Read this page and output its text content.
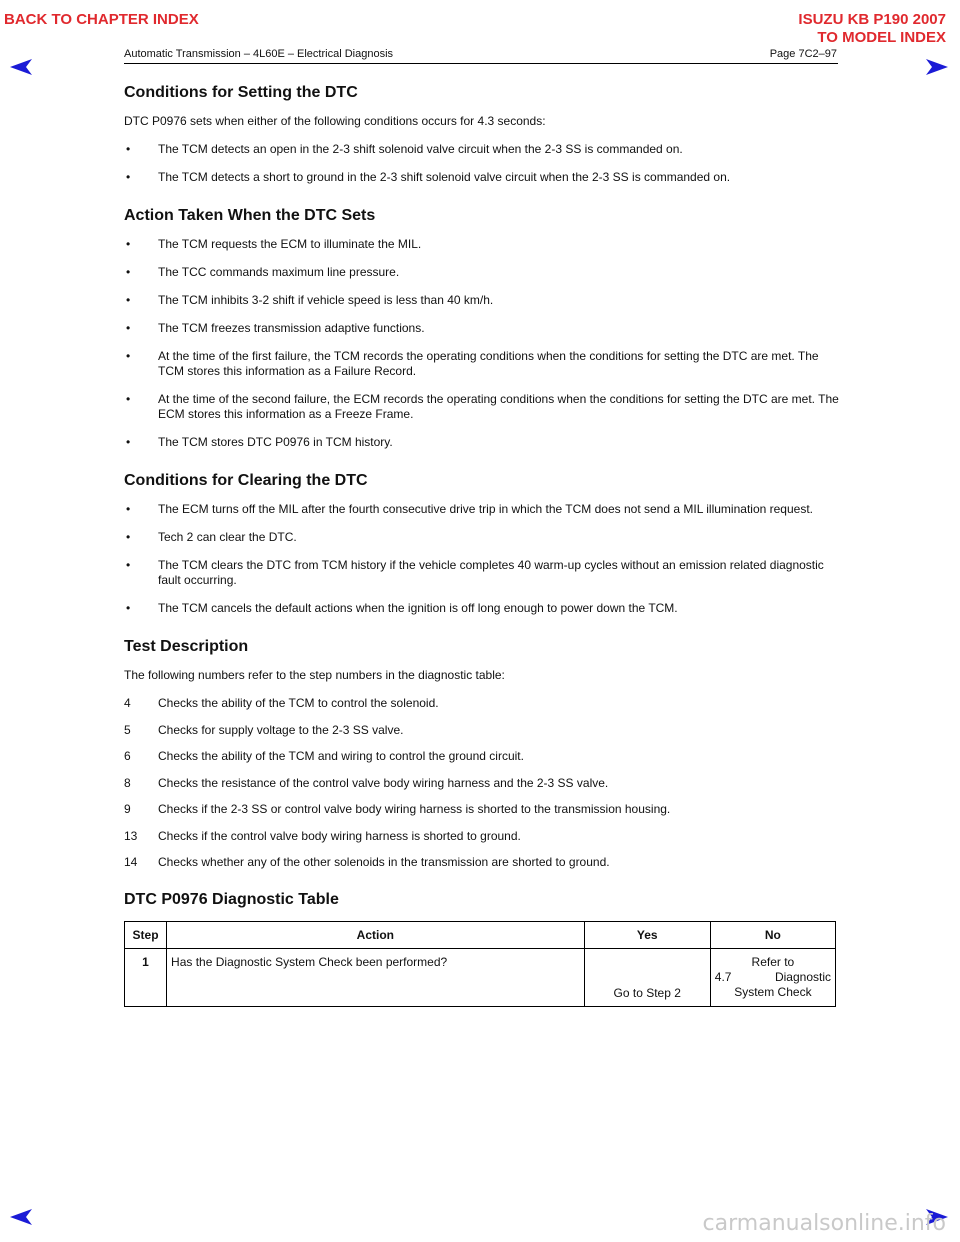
BACK TO CHAPTER INDEX	ISUZU KB P190 2007
TO MODEL INDEX
Automatic Transmission – 4L60E – Electrical Diagnosis	Page 7C2–97
Conditions for Setting the DTC

DTC P0976 sets when either of the following conditions occurs for 4.3 seconds:

• The TCM detects an open in the 2-3 shift solenoid valve circuit when the 2-3 SS is commanded on.
• The TCM detects a short to ground in the 2-3 shift solenoid valve circuit when the 2-3 SS is commanded on.
Action Taken When the DTC Sets
• The TCM requests the ECM to illuminate the MIL.
• The TCC commands maximum line pressure.
• The TCM inhibits 3-2 shift if vehicle speed is less than 40 km/h.
• The TCM freezes transmission adaptive functions.
• At the time of the first failure, the TCM records the operating conditions when the conditions for setting the DTC are met. The TCM stores this information as a Failure Record.
• At the time of the second failure, the ECM records the operating conditions when the conditions for setting the DTC are met. The ECM stores this information as a Freeze Frame.
• The TCM stores DTC P0976 in TCM history.
Conditions for Clearing the DTC
• The ECM turns off the MIL after the fourth consecutive drive trip in which the TCM does not send a MIL illumination request.
• Tech 2 can clear the DTC.
• The TCM clears the DTC from TCM history if the vehicle completes 40 warm-up cycles without an emission related diagnostic fault occurring.
• The TCM cancels the default actions when the ignition is off long enough to power down the TCM.
Test Description

The following numbers refer to the step numbers in the diagnostic table:

4	Checks the ability of the TCM to control the solenoid.
5	Checks for supply voltage to the 2-3 SS valve.
6	Checks the ability of the TCM and wiring to control the ground circuit.
8	Checks the resistance of the control valve body wiring harness and the 2-3 SS valve.
9	Checks if the 2-3 SS or control valve body wiring harness is shorted to the transmission housing.
13	Checks if the control valve body wiring harness is shorted to ground.
14	Checks whether any of the other solenoids in the transmission are shorted to ground.
DTC P0976 Diagnostic Table
Step	Action	Yes	No
1	Has the Diagnostic System Check been performed?	Go to Step 2	Refer to
4.7 Diagnostic
System Check
carmanualsonline.info
